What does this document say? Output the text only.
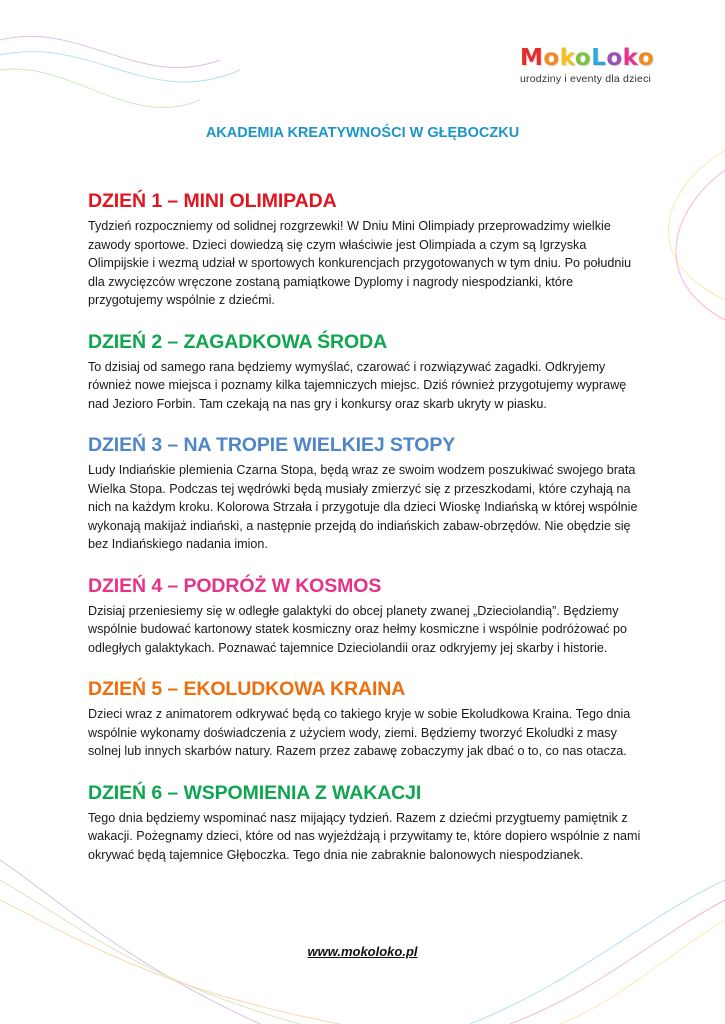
MokoLoko
urodziny i eventy dla dzieci
AKADEMIA KREATYWNOŚCI W GŁĘBOCZKU
DZIEŃ 1 – MINI OLIMIPADA

Tydzień rozpoczniemy od solidnej rozgrzewki! W Dniu Mini Olimpiady przeprowadzimy wielkie zawody sportowe. Dzieci dowiedzą się czym właściwie jest Olimpiada a czym są Igrzyska Olimpijskie i wezmą udział w sportowych konkurencjach przygotowanych w tym dniu. Po południu dla zwycięzców wręczone zostaną pamiątkowe Dyplomy i nagrody niespodzianki, które przygotujemy wspólnie z dziećmi.

DZIEŃ 2 – ZAGADKOWA ŚRODA

To dzisiaj od samego rana będziemy wymyślać, czarować i rozwiązywać zagadki. Odkryjemy również nowe miejsca i poznamy kilka tajemniczych miejsc. Dziś również przygotujemy wyprawę nad Jezioro Forbin. Tam czekają na nas gry i konkursy oraz skarb ukryty w piasku.

DZIEŃ 3 – NA TROPIE WIELKIEJ STOPY

Ludy Indiańskie plemienia Czarna Stopa, będą wraz ze swoim wodzem poszukiwać swojego brata Wielka Stopa. Podczas tej wędrówki będą musiały zmierzyć się z przeszkodami, które czyhają na nich na każdym kroku. Kolorowa Strzała i przygotuje dla dzieci Wioskę Indiańską w której wspólnie wykonają makijaż indiański, a następnie przejdą do indiańskich zabaw-obrzędów. Nie obędzie się bez Indiańskiego nadania imion.

DZIEŃ 4 – PODRÓŻ W KOSMOS

Dzisiaj przeniesiemy się w odległe galaktyki do obcej planety zwanej „Dzieciolandią”. Będziemy wspólnie budować kartonowy statek kosmiczny oraz hełmy kosmiczne i wspólnie podróżować po odległych galaktykach. Poznawać tajemnice Dzieciolandii oraz odkryjemy jej skarby i historie.

DZIEŃ 5 – EKOLUDKOWA KRAINA

Dzieci wraz z animatorem odkrywać będą co takiego kryje w sobie Ekoludkowa Kraina. Tego dnia wspólnie wykonamy doświadczenia z użyciem wody, ziemi. Będziemy tworzyć Ekoludki z masy solnej lub innych skarbów natury. Razem przez zabawę zobaczymy jak dbać o to, co nas otacza.

DZIEŃ 6 – WSPOMIENIA Z WAKACJI

Tego dnia będziemy wspominać nasz mijający tydzień. Razem z dziećmi przygtuemy pamiętnik z wakacji. Pożegnamy dzieci, które od nas wyjeżdżają i przywitamy te, które dopiero wspólnie z nami okrywać będą tajemnice Głęboczka. Tego dnia nie zabraknie balonowych niespodzianek.

www.mokoloko.pl
